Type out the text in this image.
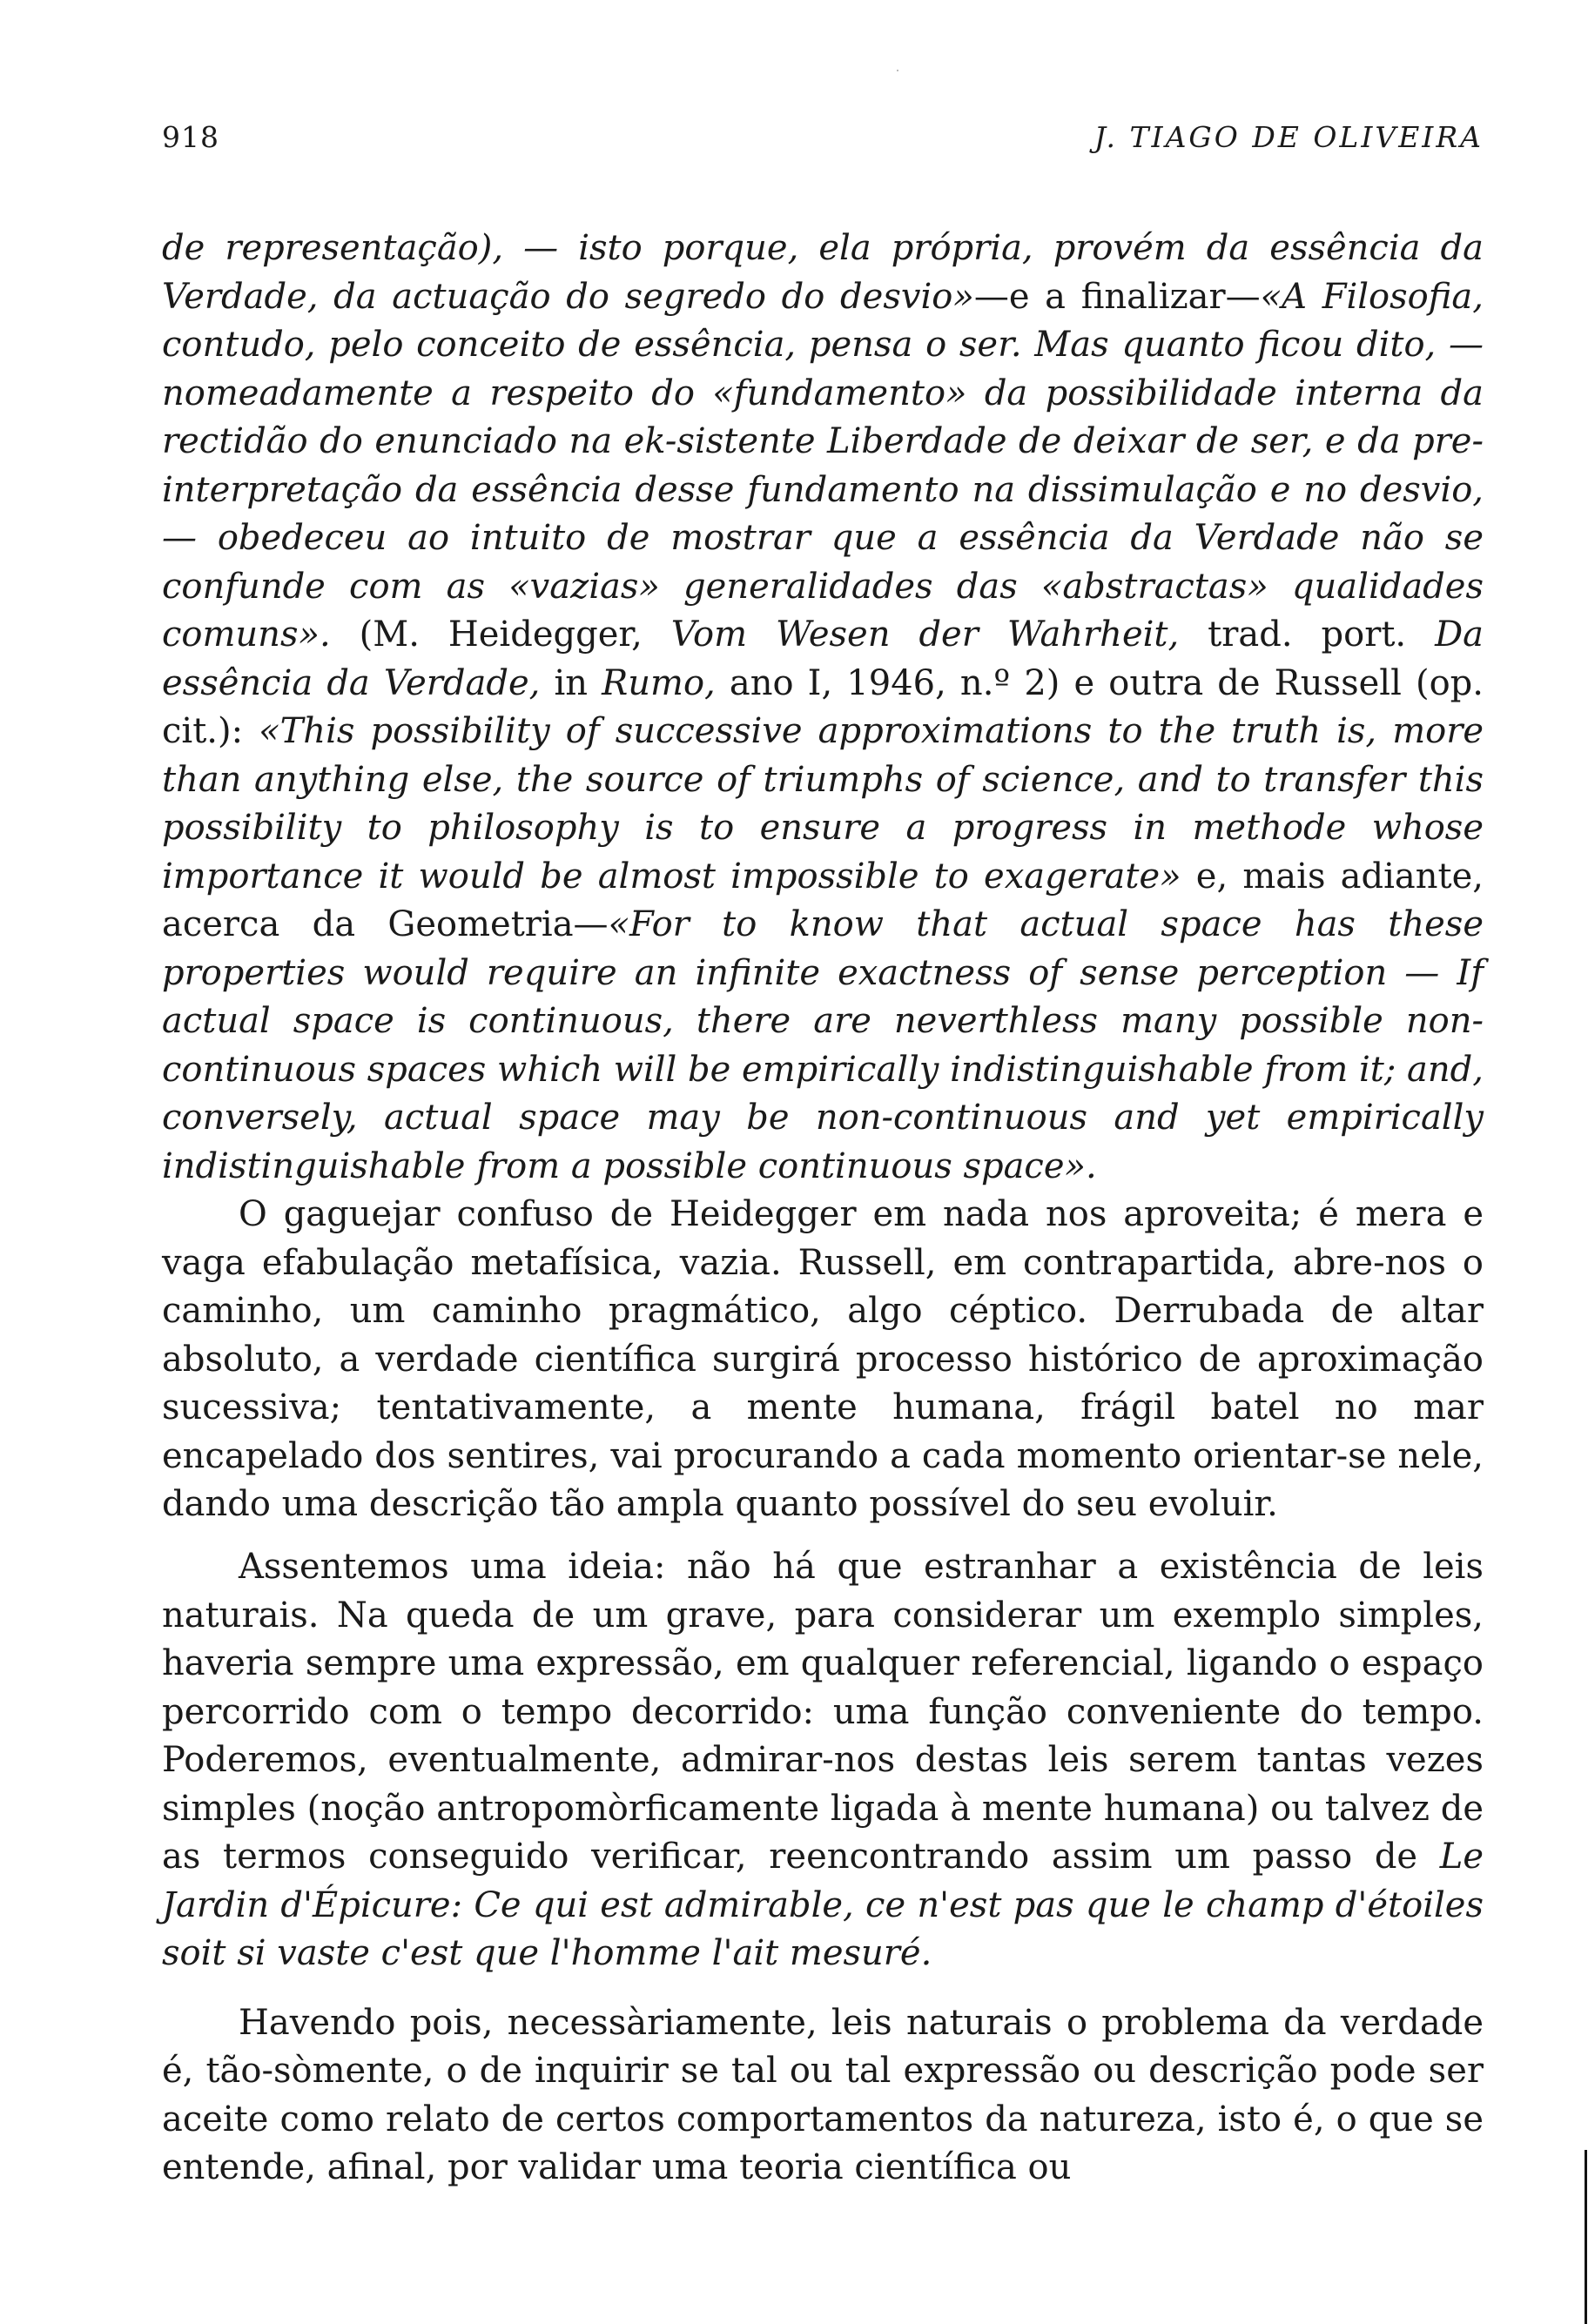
918	J. TIAGO DE OLIVEIRA

de representação), — isto porque, ela própria, provém da essência da Verdade, da actuação do segredo do desvio»—e a finalizar—«A Filosofia, contudo, pelo conceito de essência, pensa o ser. Mas quanto ficou dito, — nomeadamente a respeito do «fundamento» da possibilidade interna da rectidão do enunciado na ek-sistente Liberdade de deixar de ser, e da pre-interpretação da essência desse fundamento na dissimulação e no desvio, — obedeceu ao intuito de mostrar que a essência da Verdade não se confunde com as «vazias» generalidades das «abstractas» qualidades comuns». (M. Heidegger, Vom Wesen der Wahrheit, trad. port. Da essência da Verdade, in Rumo, ano I, 1946, n.º 2) e outra de Russell (op. cit.): «This possibility of successive approximations to the truth is, more than anything else, the source of triumphs of science, and to transfer this possibility to philosophy is to ensure a progress in methode whose importance it would be almost impossible to exagerate» e, mais adiante, acerca da Geometria—«For to know that actual space has these properties would require an infinite exactness of sense perception — If actual space is continuous, there are neverthless many possible non-continuous spaces which will be empirically indistinguishable from it; and, conversely, actual space may be non-continuous and yet empirically indistinguishable from a possible continuous space».

O gaguejar confuso de Heidegger em nada nos aproveita; é mera e vaga efabulação metafísica, vazia. Russell, em contrapartida, abre-nos o caminho, um caminho pragmático, algo céptico. Derrubada de altar absoluto, a verdade científica surgirá processo histórico de aproximação sucessiva; tentativamente, a mente humana, frágil batel no mar encapelado dos sentires, vai procurando a cada momento orientar-se nele, dando uma descrição tão ampla quanto possível do seu evoluir.

Assentemos uma ideia: não há que estranhar a existência de leis naturais. Na queda de um grave, para considerar um exemplo simples, haveria sempre uma expressão, em qualquer referencial, ligando o espaço percorrido com o tempo decorrido: uma função conveniente do tempo. Poderemos, eventualmente, admirar-nos destas leis serem tantas vezes simples (noção antropomòrficamente ligada à mente humana) ou talvez de as termos conseguido verificar, reencontrando assim um passo de Le Jardin d'Épicure: Ce qui est admirable, ce n'est pas que le champ d'étoiles soit si vaste c'est que l'homme l'ait mesuré.

Havendo pois, necessàriamente, leis naturais o problema da verdade é, tão-sòmente, o de inquirir se tal ou tal expressão ou descrição pode ser aceite como relato de certos comportamentos da natureza, isto é, o que se entende, afinal, por validar uma teoria científica ou
